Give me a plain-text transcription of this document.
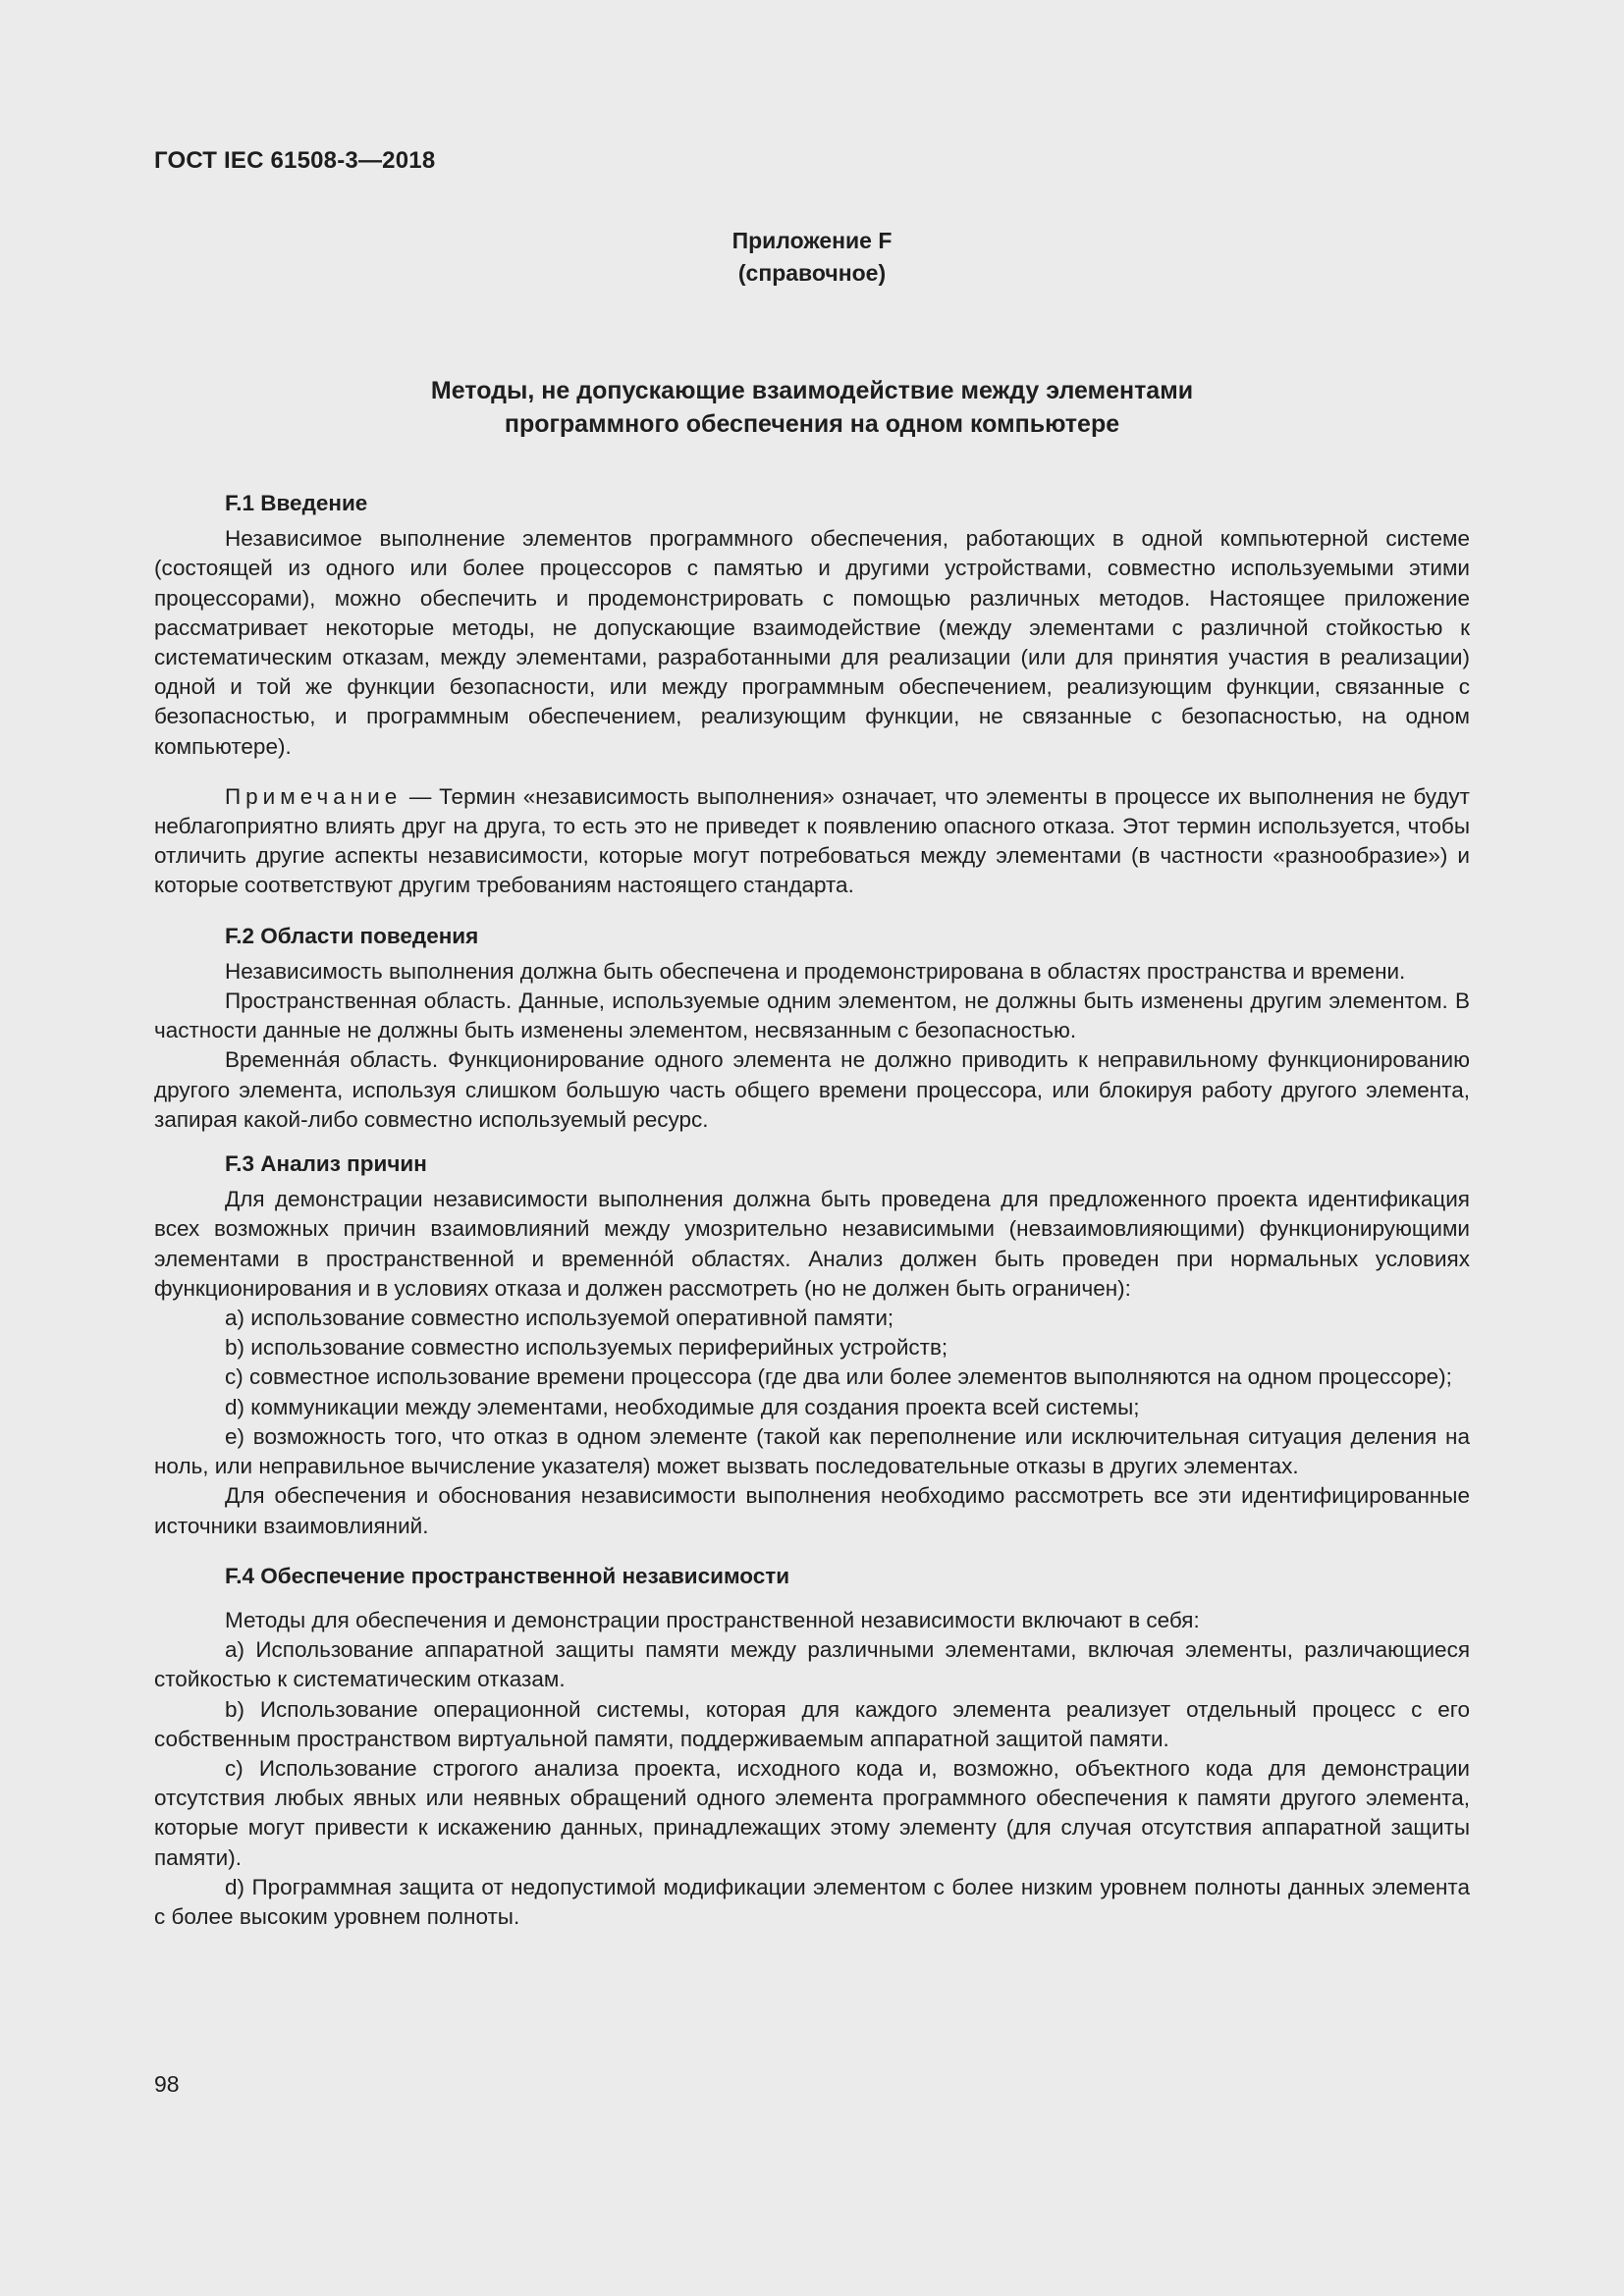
ГОСТ IEC 61508-3—2018
Приложение F
(справочное)
Методы, не допускающие взаимодействие между элементами
программного обеспечения на одном компьютере

F.1 Введение

Независимое выполнение элементов программного обеспечения, работающих в одной компьютерной системе (состоящей из одного или более процессоров с памятью и другими устройствами, совместно используемыми этими процессорами), можно обеспечить и продемонстрировать с помощью различных методов. Настоящее приложение рассматривает некоторые методы, не допускающие взаимодействие (между элементами с различной стойкостью к систематическим отказам, между элементами, разработанными для реализации (или для принятия участия в реализации) одной и той же функции безопасности, или между программным обеспечением, реализующим функции, связанные с безопасностью, и программным обеспечением, реализующим функции, не связанные с безопасностью, на одном компьютере).

Примечание — Термин «независимость выполнения» означает, что элементы в процессе их выполнения не будут неблагоприятно влиять друг на друга, то есть это не приведет к появлению опасного отказа. Этот термин используется, чтобы отличить другие аспекты независимости, которые могут потребоваться между элементами (в частности «разнообразие») и которые соответствуют другим требованиям настоящего стандарта.

F.2 Области поведения

Независимость выполнения должна быть обеспечена и продемонстрирована в областях пространства и времени.

Пространственная область. Данные, используемые одним элементом, не должны быть изменены другим элементом. В частности данные не должны быть изменены элементом, несвязанным с безопасностью.

Временна́я область. Функционирование одного элемента не должно приводить к неправильному функционированию другого элемента, используя слишком большую часть общего времени процессора, или блокируя работу другого элемента, запирая какой-либо совместно используемый ресурс.

F.3 Анализ причин

Для демонстрации независимости выполнения должна быть проведена для предложенного проекта идентификация всех возможных причин взаимовлияний между умозрительно независимыми (невзаимовлияющими) функционирующими элементами в пространственной и временно́й областях. Анализ должен быть проведен при нормальных условиях функционирования и в условиях отказа и должен рассмотреть (но не должен быть ограничен):

а) использование совместно используемой оперативной памяти;

b) использование совместно используемых периферийных устройств;

с) совместное использование времени процессора (где два или более элементов выполняются на одном процессоре);

d) коммуникации между элементами, необходимые для создания проекта всей системы;

е) возможность того, что отказ в одном элементе (такой как переполнение или исключительная ситуация деления на ноль, или неправильное вычисление указателя) может вызвать последовательные отказы в других элементах.

Для обеспечения и обоснования независимости выполнения необходимо рассмотреть все эти идентифицированные источники взаимовлияний.

F.4 Обеспечение пространственной независимости

Методы для обеспечения и демонстрации пространственной независимости включают в себя:

а) Использование аппаратной защиты памяти между различными элементами, включая элементы, различающиеся стойкостью к систематическим отказам.

b) Использование операционной системы, которая для каждого элемента реализует отдельный процесс с его собственным пространством виртуальной памяти, поддерживаемым аппаратной защитой памяти.

с) Использование строгого анализа проекта, исходного кода и, возможно, объектного кода для демонстрации отсутствия любых явных или неявных обращений одного элемента программного обеспечения к памяти другого элемента, которые могут привести к искажению данных, принадлежащих этому элементу (для случая отсутствия аппаратной защиты памяти).

d) Программная защита от недопустимой модификации элементом с более низким уровнем полноты данных элемента с более высоким уровнем полноты.

98
